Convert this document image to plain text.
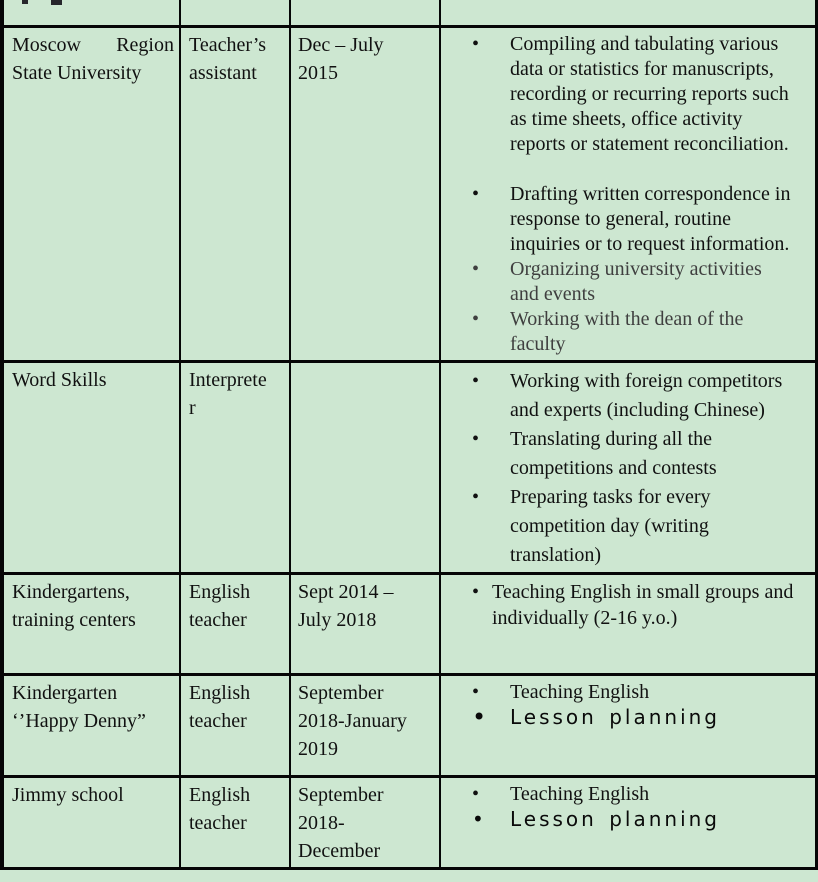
Moscow Region State University	Teacher’s assistant	Dec – July 2015	
• Compiling and tabulating various data or statistics for manuscripts, recording or recurring reports such as time sheets, office activity reports or statement reconciliation.
• Drafting written correspondence in response to general, routine inquiries or to request information.
• Organizing university activities and events
• Working with the dean of the faculty

Word Skills	Interpreter		
• Working with foreign competitors and experts (including Chinese)
• Translating during all the competitions and contests
• Preparing tasks for every competition day (writing translation)

Kindergartens, training centers	English teacher	Sept 2014 – July 2018	
• Teaching English in small groups and individually (2-16 y.o.)

Kindergarten ‘’Happy Denny”	English teacher	September 2018-January 2019	
• Teaching English
• Lesson planning

Jimmy school	English teacher	September 2018-December	
• Teaching English
• Lesson planning
